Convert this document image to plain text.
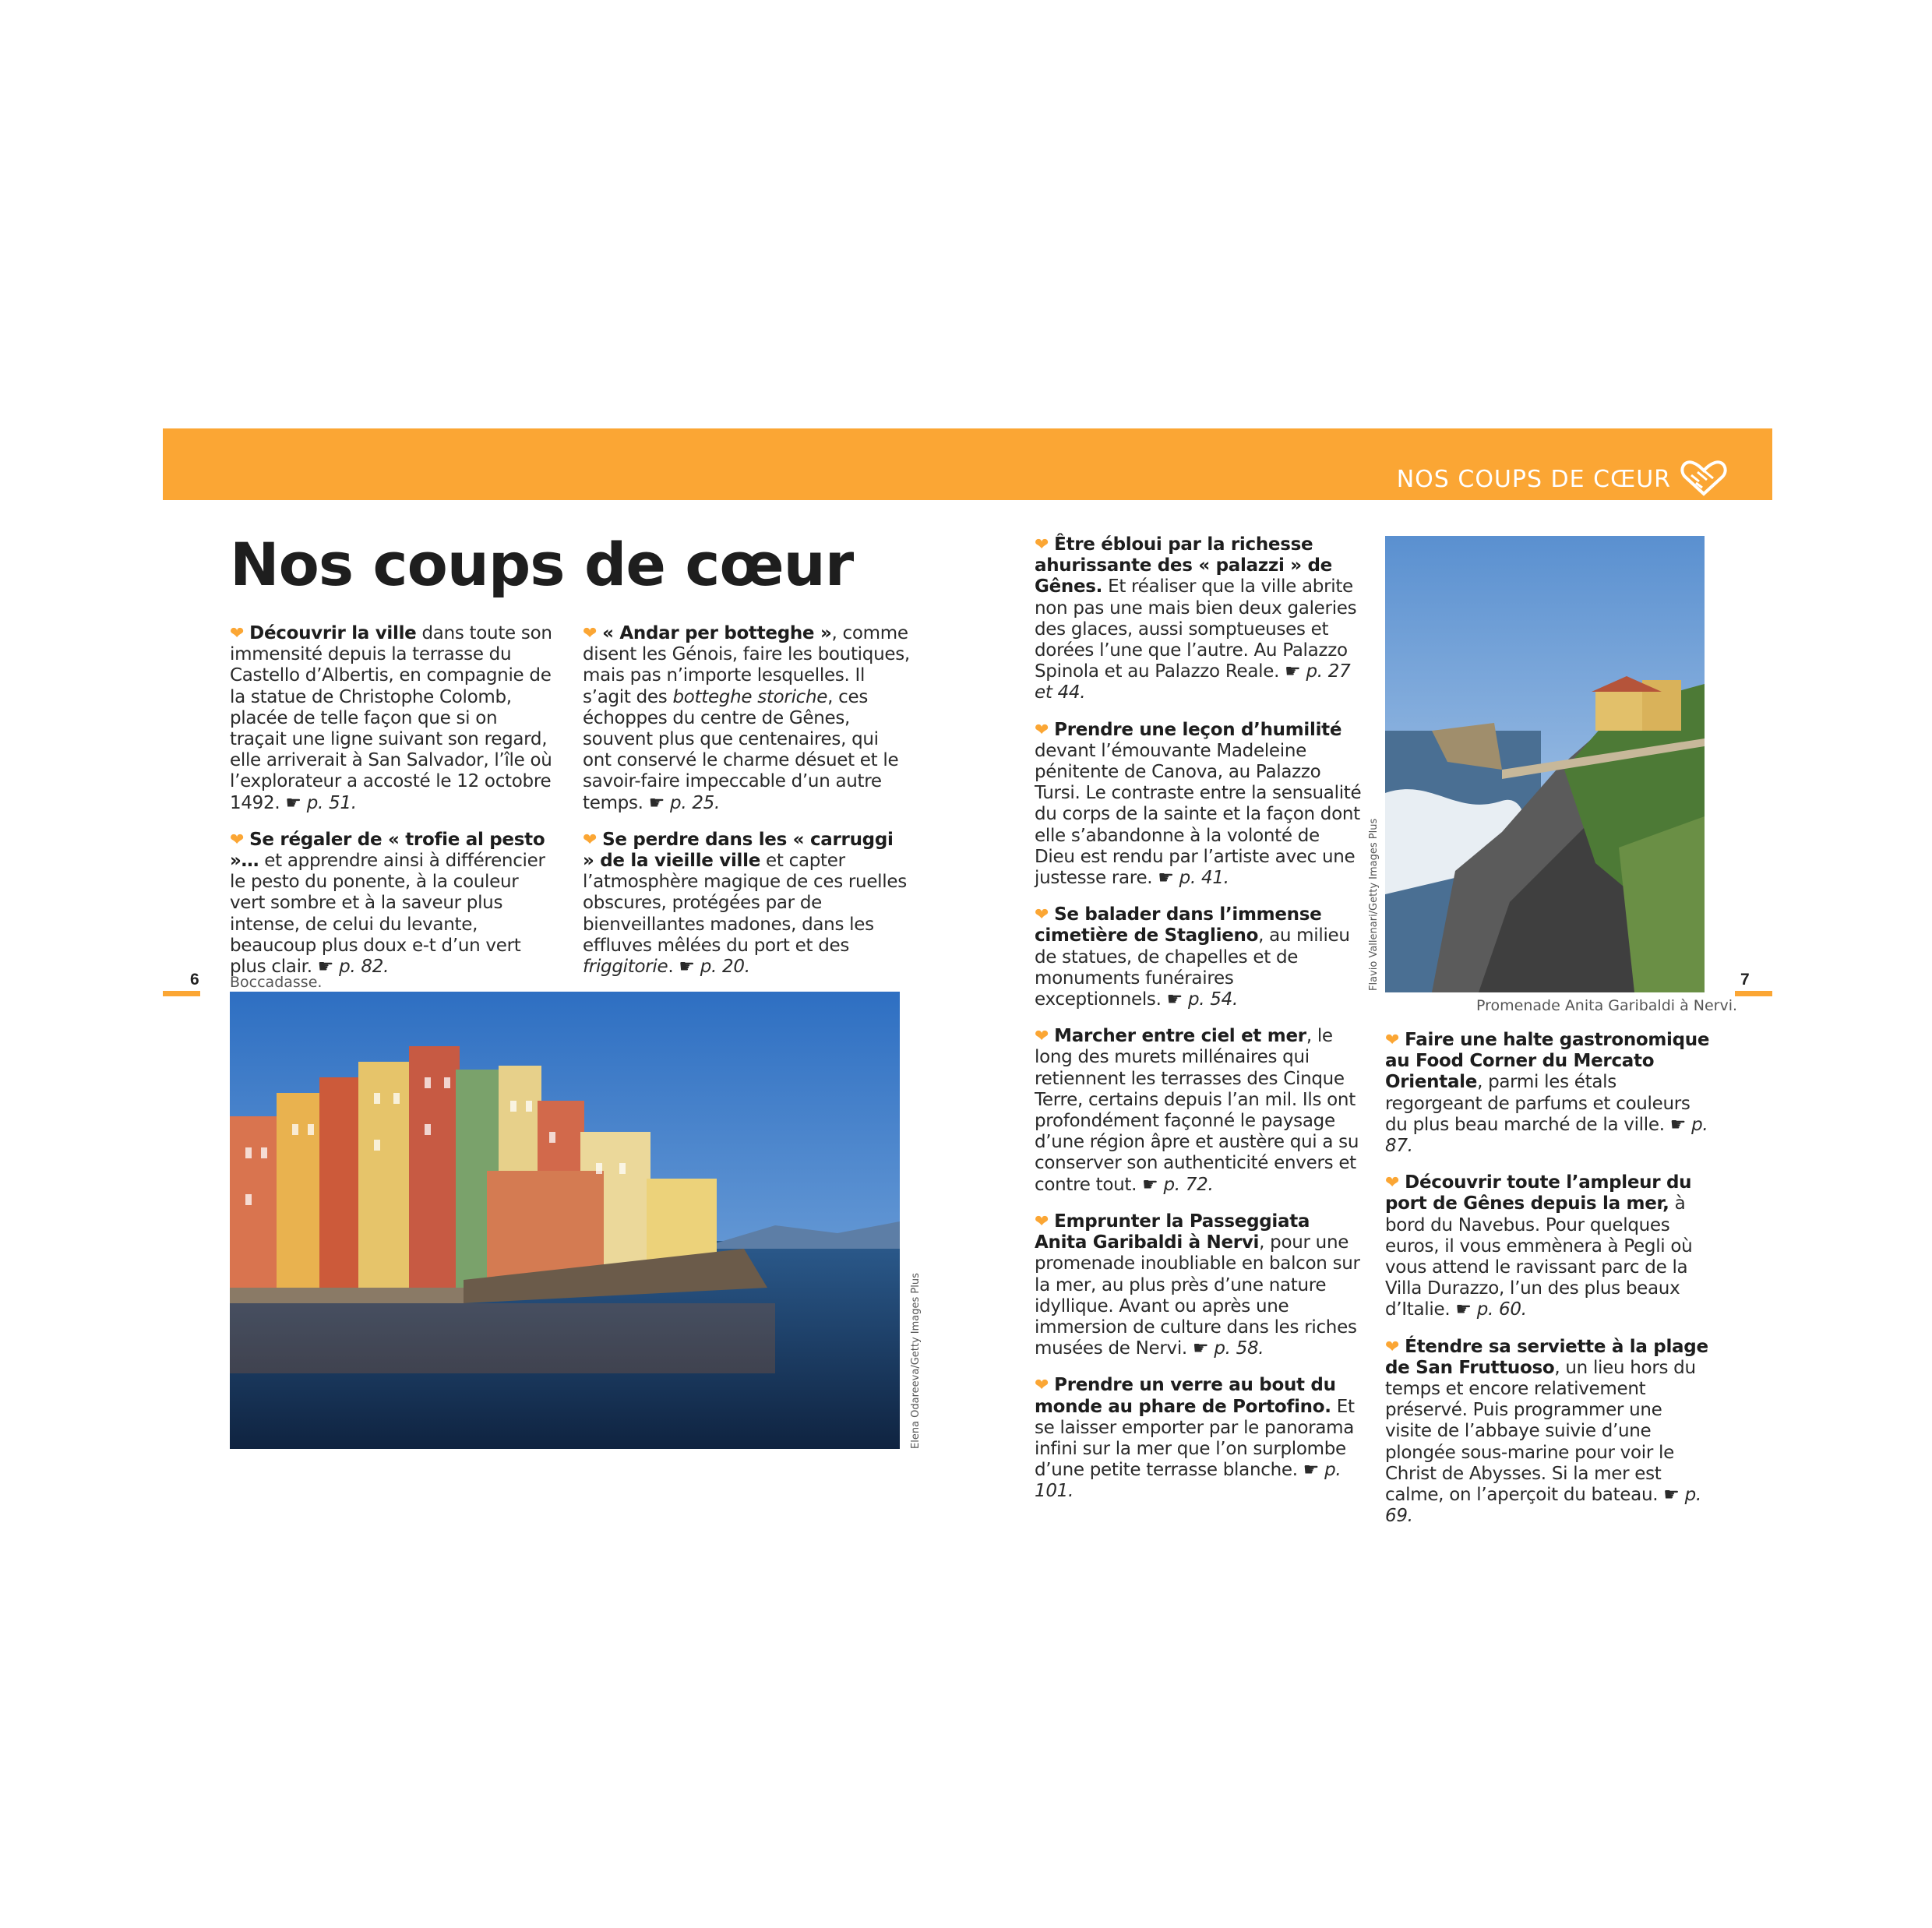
NOS COUPS DE CŒUR
6	7
Nos coups de cœur

❤ Découvrir la ville dans toute son immensité depuis la terrasse du Castello d’Albertis, en compagnie de la statue de Christophe Colomb, placée de telle façon que si on traçait une ligne suivant son regard, elle arriverait à San Salvador, l’île où l’explorateur a accosté le 12 octobre 1492. ☛ p. 51.

❤ Se régaler de « trofie al pesto »… et apprendre ainsi à différencier le pesto du ponente, à la couleur vert sombre et à la saveur plus intense, de celui du levante, beaucoup plus doux e-t d’un vert plus clair. ☛ p. 82.

❤ « Andar per botteghe », comme disent les Génois, faire les boutiques, mais pas n’importe lesquelles. Il s’agit des botteghe storiche, ces échoppes du centre de Gênes, souvent plus que centenaires, qui ont conservé le charme désuet et le savoir-faire impeccable d’un autre temps. ☛ p. 25.

❤ Se perdre dans les « carruggi » de la vieille ville et capter l’atmosphère magique de ces ruelles obscures, protégées par de bienveillantes madones, dans les effluves mêlées du port et des friggitorie. ☛ p. 20.

Boccadasse.
Elena Odareeva/Getty Images Plus

❤ Être ébloui par la richesse ahurissante des « palazzi » de Gênes. Et réaliser que la ville abrite non pas une mais bien deux galeries des glaces, aussi somptueuses et dorées l’une que l’autre. Au Palazzo Spinola et au Palazzo Reale. ☛ p. 27 et 44.

❤ Prendre une leçon d’humilité devant l’émouvante Madeleine pénitente de Canova, au Palazzo Tursi. Le contraste entre la sensualité du corps de la sainte et la façon dont elle s’abandonne à la volonté de Dieu est rendu par l’artiste avec une justesse rare. ☛ p. 41.

❤ Se balader dans l’immense cimetière de Staglieno, au milieu de statues, de chapelles et de monuments funéraires exceptionnels. ☛ p. 54.

❤ Marcher entre ciel et mer, le long des murets millénaires qui retiennent les terrasses des Cinque Terre, certains depuis l’an mil. Ils ont profondément façonné le paysage d’une région âpre et austère qui a su conserver son authenticité envers et contre tout. ☛ p. 72.

❤ Emprunter la Passeggiata Anita Garibaldi à Nervi, pour une promenade inoubliable en balcon sur la mer, au plus près d’une nature idyllique. Avant ou après une immersion de culture dans les riches musées de Nervi. ☛ p. 58.

❤ Prendre un verre au bout du monde au phare de Portofino. Et se laisser emporter par le panorama infini sur la mer que l’on surplombe d’une petite terrasse blanche. ☛ p. 101.

Flavio Vallenari/Getty Images Plus
Promenade Anita Garibaldi à Nervi.

❤ Faire une halte gastronomique au Food Corner du Mercato Orientale, parmi les étals regorgeant de parfums et couleurs du plus beau marché de la ville. ☛ p. 87.

❤ Découvrir toute l’ampleur du port de Gênes depuis la mer, à bord du Navebus. Pour quelques euros, il vous emmènera à Pegli où vous attend le ravissant parc de la Villa Durazzo, l’un des plus beaux d’Italie. ☛ p. 60.

❤ Étendre sa serviette à la plage de San Fruttuoso, un lieu hors du temps et encore relativement préservé. Puis programmer une visite de l’abbaye suivie d’une plongée sous-marine pour voir le Christ de Abysses. Si la mer est calme, on l’aperçoit du bateau. ☛ p. 69.
